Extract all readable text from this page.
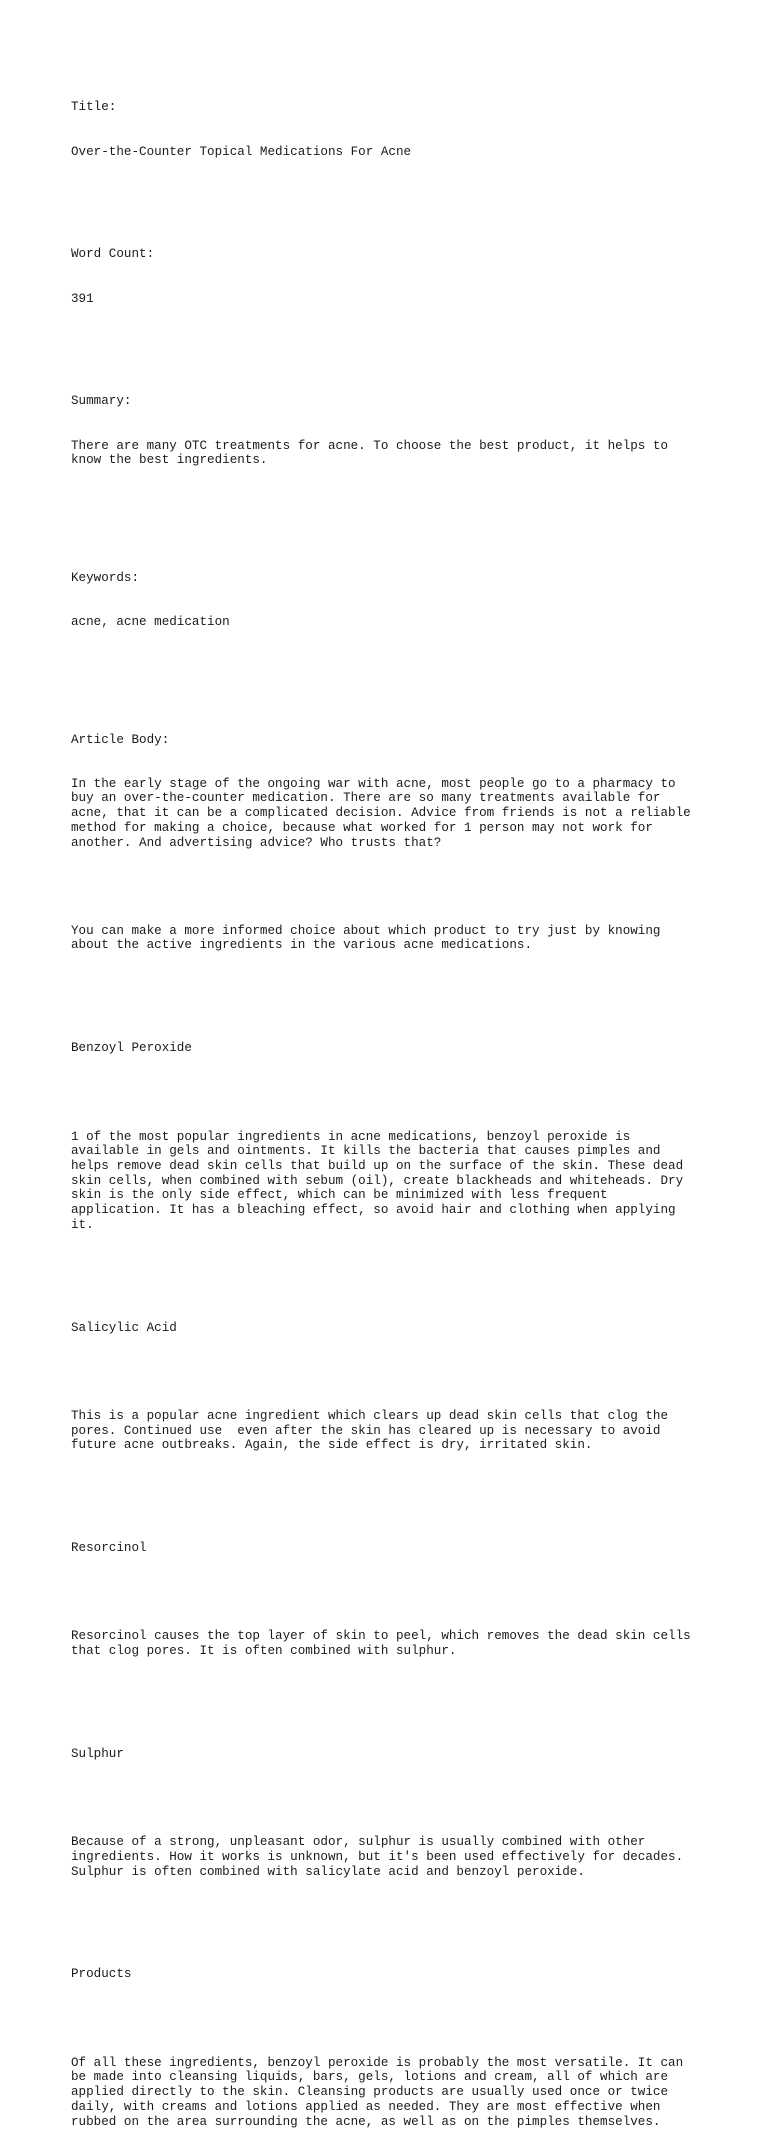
Title:

Over-the-Counter Topical Medications For Acne

Word Count:

391

Summary:

There are many OTC treatments for acne. To choose the best product, it helps to
know the best ingredients.

Keywords:

acne, acne medication

Article Body:

In the early stage of the ongoing war with acne, most people go to a pharmacy to
buy an over-the-counter medication. There are so many treatments available for
acne, that it can be a complicated decision. Advice from friends is not a reliable
method for making a choice, because what worked for 1 person may not work for
another. And advertising advice? Who trusts that?

You can make a more informed choice about which product to try just by knowing
about the active ingredients in the various acne medications.

Benzoyl Peroxide

1 of the most popular ingredients in acne medications, benzoyl peroxide is
available in gels and ointments. It kills the bacteria that causes pimples and
helps remove dead skin cells that build up on the surface of the skin. These dead
skin cells, when combined with sebum (oil), create blackheads and whiteheads. Dry
skin is the only side effect, which can be minimized with less frequent
application. It has a bleaching effect, so avoid hair and clothing when applying
it.

Salicylic Acid

This is a popular acne ingredient which clears up dead skin cells that clog the
pores. Continued use  even after the skin has cleared up is necessary to avoid
future acne outbreaks. Again, the side effect is dry, irritated skin.

Resorcinol

Resorcinol causes the top layer of skin to peel, which removes the dead skin cells
that clog pores. It is often combined with sulphur.

Sulphur

Because of a strong, unpleasant odor, sulphur is usually combined with other
ingredients. How it works is unknown, but it's been used effectively for decades.
Sulphur is often combined with salicylate acid and benzoyl peroxide.

Products

Of all these ingredients, benzoyl peroxide is probably the most versatile. It can
be made into cleansing liquids, bars, gels, lotions and cream, all of which are
applied directly to the skin. Cleansing products are usually used once or twice
daily, with creams and lotions applied as needed. They are most effective when
rubbed on the area surrounding the acne, as well as on the pimples themselves.
